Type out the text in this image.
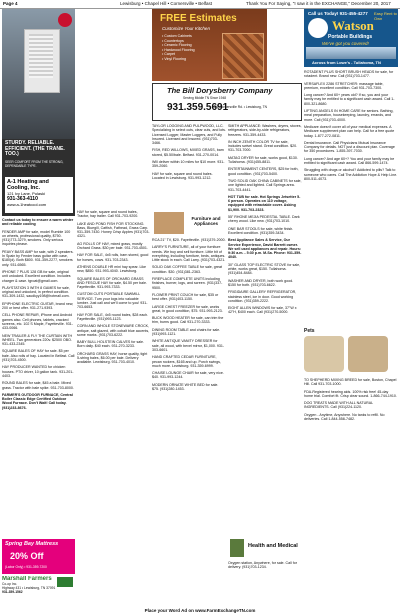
Page 4	Lewisburg • Chapel Hill • Cornersville • Belfast	Thank You For Saying, "I saw it in the EXCHANGE," December 20, 2017
STURDY. RELIABLE. EFFICIENT. (THE TRANE. TOO.)
SEER COMFORT FROM THE STRONG, DEPENDABLE TYPE.
A-1 Heating and Cooling, Inc.
121 Ivy Lane, Pulaski
931-363-4110
www.a-1heatcool.com
Contact us today to ensure a warm winter and reliable cooling
FENDER AMP for sale, model Rumble 100 on wheels, professional quality, $750.(931)773-3279, smokers. Only serious inquiries please.
PEAVY BASS AMP for sale, with 2 speakers. In Spain by Fender bass guitar with case, $180(d). Both $800. 931-359-2277, smokers only. 931-6565.
IPHONE 7 PLUS 128 GB for sale, original unit unlocked. Excellent condition. Includes charger & case. tgroat@gmail.com.
PLAYSTATION 3 WITH 8 GAMES for sale, original and unlocked, in perfect condition. 931-309-1432, saudkyy198@hotmail.com.
EPIPHONE ELECTRIC GUITAR, brand new, 200 or best offer. 931-271-9393.
CELL PHONE REPAIR, iPhone and Android games also. Cell phones, tablets, cracked screens, etc. 102 S Maple, Fayetteville. 931-433-0066.
NEW TRAILER & FLY THE CURTAIN WITH WHEEL. Two generators 220v. $2500 OBO. 931-433-2345.
SQUARE BALES OF HAY for sale. $5 per bale. Also rolls of hay. Located in Belfast. Call (931)703-4500.
HAY PRODUCER WANTED for chicken houses. PTO driver, 10 gallon tank. 931-201-4403.
ROUND BALES for sale, $45 a bale. Mixed grass. Tractor with bale spike. 931-703-8000.
FARMER'S OUTDOOR FURNACE, Central Boiler Classic Edge Certified Outdoor Wood Furnace. Don't Wait! Call today. (931)233-8676.
Spring Bay Mattress
20% Off
(Labor Only) • 931-359-7200
Marshall Farmers
Co-op Inc.
Highway 431 • Lewisburg, TN 37091
931-359-1562
HAY for sale, square and round bales, Tractor, hay trailer. Call 931-703-9200.
LAKE AND POND FISH FOR STOCKING. Bass, Bluegill, Catfish, Fathead, Grass Carp. 931-359-7430. Honey Crisp Apples (931)703-4321.
AG ROLLS OF HAY, mixed grass, mostly Orchard Grass. $30 per bale. 931-703-4501.
HAY FOR SALE, 4x5 rolls, barn stored, good for horses, cows. 931-703-2343.
ATHENS DOUBLE HR mini hay spear. Like new, $850. 931-993-4040. Lewisburg.
SQUARE BALES OF ORCHARD GRASS AND FESCUE HAY for sale, $4.50 per bale. Fayetteville. 931-993-7333.
CUSTOM CUTS PORTABLE SAWMILL SERVICE. Turn your logs into valuable lumber. Just call and we'll come to you! 931-703-6653.
HAY FOR SALE, 4x5 round bales, $28 each. Fayetteville. (931)993-1123.
CORN AND WHOLE STONEWARE CROCK, antique, salt glazed, with cobalt blue accents, some marks. (931)703-6222.
BABY BULL HOLSTEIN CALVES for sale. Born daily. $40 each. 931-270-3233.
ORCHARD GRASS HAY, horse quality, tight 5-string bales, $6.00 per bale. Delivery available. Lewisburg. 931-703-4010.
FREE Estimates
Customize Your Kitchen
• Custom Cabinets
• Countertops
• Ceramic Flooring
• Hardwood Flooring
• Carpet
• Vinyl Flooring
The Bill Dorysberry Company
Serving Middle TN Since 1948
931.359.5691
401 Cornersville Rd. • Lewisburg, TN
TAYLOR LOGGING AND PULPWOOD, LLC. Specializing in select cuts, clear cuts, and lots. Licensed Logger, Master Loggers, and Fully Insured. Licensed and Insured. (931)703-3466.
FISH, RED WILLOWS, MIXED GRASS, barn stored, $5.50/bale. Belfast. 931-270-0014.
Will deliver within 10 miles for $10 more. 931-359-2060.
HAY for sale, square and round bales. Located in Lewisburg. 931-993-1212.
Furniture and Appliances
RCA 21" TV, $20. Fayetteville. (931)379-2000.
LARRY'S FURNITURE, all of your furniture needs. We buy and sell furniture. Little bit of everything, including furniture, beds, antiques. Little stock in each. Call Larry. (931)703-4321.
SOLID OAK COFFEE TABLE for sale, great condition. $30. (931)381-2363.
FIREPLACE COMPLETE UNITS including finishes, burner, logs, and screen. (931)337-9500.
FLOWER PRINT COUCH for sale, $35 or best offer. (931)403-1150.
LARGE CHEST FREEZER for sale, works great, in good condition, $75. 931-993-2123.
BUCK WOOD HEATER for sale, can trim the trim, burns good. Call 931-270-3333.
DINING ROOM TABLE and chairs for sale. (931)993-1121.
WHITE ANTIQUE VANITY DRESSER for sale, all wood, with bevel mirror, $1,000. 931-303-6601.
HAND CRAFTED CEDAR FURNITURE, pecan rockers, $165 and up. Porch swings, much more. Lewisburg. 931-359-6999.
CHAISE LOUNGE CHAIR for sale, very nice. $40. 931-993-1244.
MODERN ORNATE WHITE BED for sale. $75. (931)280-1453.
SMITH APPLIANCE: Washers, dryers, stoves, refrigerators, side-by-side refrigerators, freezers. 931-359-4433.
IN INCH ZENITH COLOR TV for sale, includes swivel stand. Great condition. $20. 931-703-7000.
MATAG DRYER for sale, works good, $130. Tullahoma. (931)455-8811.
ENTERTAINMENT CENTERS, $25 for both, good condition. (931)703-5400.
TWO SOLID OAK CHINA CABINETS for sale, one lighted and lighted. Call Springs area. 931-703-4441.
HOT TUB for sale. Hot Springs Jetsetter 5-6 person. Operates on 110 voltage, equipped with retractable cover. Asking $1,900. 931-703-2323.
55" RHONE MEJIA PEDESTAL TABLE. Dark cherry wood. Like new. (931)703-1010.
ONE BAR STOOLS for sale, white finish. Excellent condition. (931)359-3434.
Best Appliance Sales & Service, Our Service Experience, David Barrett owner. We sell used appliances and repair. Hours: 9:30 a.m. - 5:30 p.m. M-Sa. Phone: 931-359-4040.
30" GLASS TOP ELECTRIC STOVE for sale, white, works great, $150. Tullahoma. (931)454-8484.
WASHER AND DRYER, both work good. $150 for both. (931)703-6622.
FRIGIDAIRE GALLERY REFRIGERATOR, stainless steel, ice in door. Good working condition. (931)359-2222.
EIGHT ALLEN WINDOWS for sale, 37"W x 42"H, $400 each. Call (931)270-5000.
Health and Medical
Oxygen station, Anywhere, for sale. Call for delivery. (931)703-1234.
Call us Today! 931-455-4277 Easy Rent to Own
Watson
Portable Buildings
We've got you covered!
Across from Lowe's - Tullahoma, TN
ROTADENT PLUS SHORT BRUSH HEADS for sale, for rotadent. Brand new. Call (931)703-1477.
VERSAFLEX 2286 STRETCHER: massage table, premium, excellent condition. Call 931-703-7300.
Long cancer? And 60+ years old? If so, you and your family may be entitled to a significant cash award. Call 1-800-321-8680.
LIFTING ANGELS IN HOME CARE for seniors. Bathing, meal preparation, housekeeping, laundry, errands, and more. Call (931)703-4000.
Medicare doesn't cover all of your medical expenses. A Medicare supplement plan can help. Call for a free quote today. 1-877-272-0811.
Dental insurance. Call Physicians Mutual Insurance Company for details. NOT just a discount plan. Coverage for 350 procedures. 1-855-397-7030.
Lung cancer? And age 60+? You and your family may be entitled to significant cash award. Call 866-599-1474.
Struggling with drugs or alcohol? Addicted to pills? Talk to someone who cares. Call The Addiction Hope & Help Line. 800-511-4073.
Pets
TO SHEPHERD MIXING BREED for sale, Boston, Chapel Hill. Call 931-703-1000.
FDA-Registered hearing aids. 100% risk free! 45-day home trial. Comfort fit. Crisp clear sound. 1-866-744-1910.
DOG TREATS MADE WITH ALL NATURAL INGREDIENTS. Call (931)224-1120.
Oxygen - Anytime, Anywhere. No tanks to refill. No deliveries. Call 1-844-558-7482.
Place your Word Ad on www.FarmExchangeTN.com
